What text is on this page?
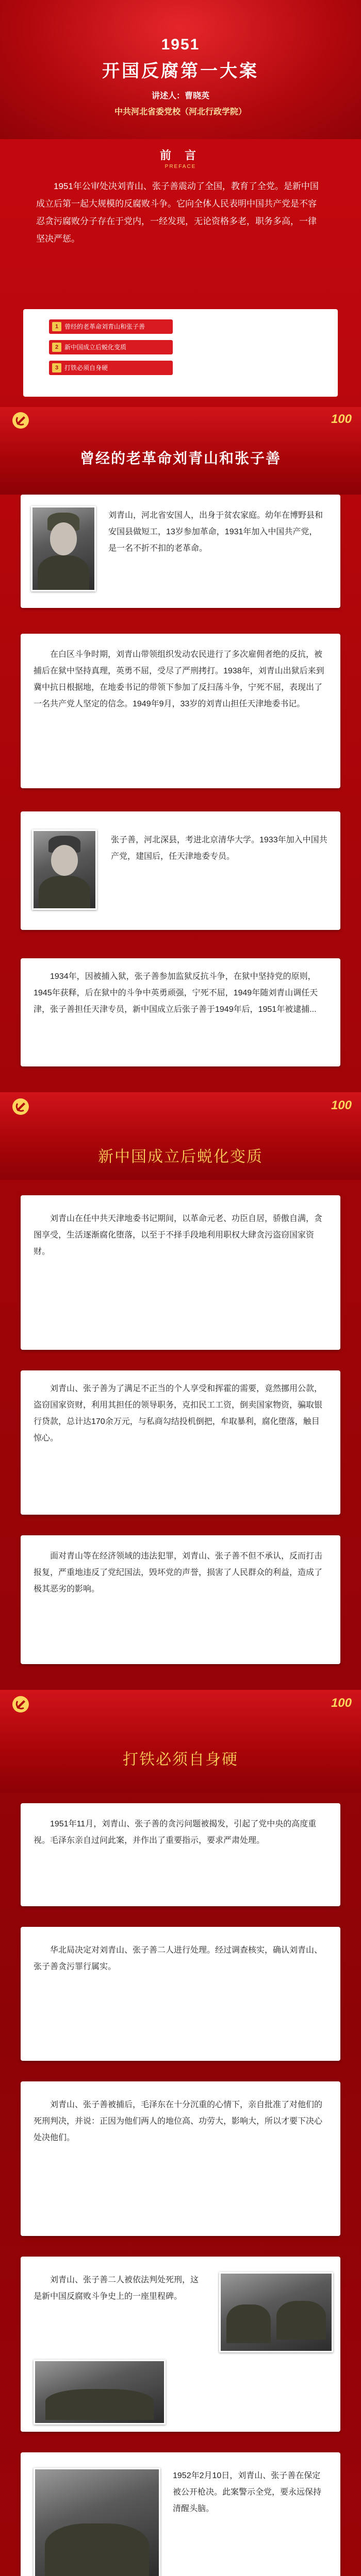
1951
开国反腐第一大案
讲述人：曹晓英
中共河北省委党校（河北行政学院）
前 言
PREFACE
1951年公审处决刘青山、张子善震动了全国，教育了全党。是新中国成立后第一起大规模的反腐败斗争。它向全体人民表明中国共产党是不容忍贪污腐败分子存在于党内，一经发现，无论资格多老，职务多高，一律坚决严惩。
1 曾经的老革命刘青山和张子善
2 新中国成立后蜕化变质
3 打铁必须自身硬
100
曾经的老革命刘青山和张子善
刘青山，河北省安国人，出身于贫农家庭。幼年在博野县和安国县做短工，13岁参加革命，1931年加入中国共产党，是一名不折不扣的老革命。
在白区斗争时期，刘青山带领组织发动农民进行了多次雇佣者绝的反抗，被捕后在狱中坚持真理，英勇不屈，受尽了严刑拷打。1938年，刘青山出狱后来到冀中抗日根据地，在地委书记的带领下参加了反扫荡斗争，宁死不屈，表现出了一名共产党人坚定的信念。1949年9月，33岁的刘青山担任天津地委书记。
张子善，河北深县，考进北京清华大学。1933年加入中国共产党，建国后，任天津地委专员。
1934年，因被捕入狱，张子善参加监狱反抗斗争，在狱中坚持党的原则，1945年获释，后在狱中的斗争中英勇顽强，宁死不屈，1949年随刘青山调任天津，张子善担任天津专员，新中国成立后张子善于1949年后，1951年被逮捕...
100
新中国成立后蜕化变质
刘青山在任中共天津地委书记期间，以革命元老、功臣自居，骄傲自满，贪图享受，生活逐渐腐化堕落，以至于不择手段地利用职权大肆贪污盗窃国家资财。
刘青山、张子善为了满足不正当的个人享受和挥霍的需要，竟然挪用公款，盗窃国家资财，利用其担任的领导职务，克扣民工工资，倒卖国家物资，骗取银行贷款，总计达170余万元，与私商勾结投机倒把，牟取暴利，腐化堕落，触目惊心。
面对青山等在经济领域的违法犯罪，刘青山、张子善不但不承认，反而打击报复，严重地违反了党纪国法，毁坏党的声誉，损害了人民群众的利益，造成了极其恶劣的影响。
100
打铁必须自身硬
1951年11月，刘青山、张子善的贪污问题被揭发，引起了党中央的高度重视。毛泽东亲自过问此案，并作出了重要指示，要求严肃处理。
华北局决定对刘青山、张子善二人进行处理。经过调查核实，确认刘青山、张子善贪污罪行属实。
刘青山、张子善被捕后，毛泽东在十分沉重的心情下，亲自批准了对他们的死刑判决，并说：正因为他们两人的地位高、功劳大，影响大，所以才要下决心处决他们。
刘青山、张子善二人被依法判处死刑，这是新中国反腐败斗争史上的一座里程碑。
1952年2月10日，刘青山、张子善在保定被公开枪决。此案警示全党，要永远保持清醒头脑。
